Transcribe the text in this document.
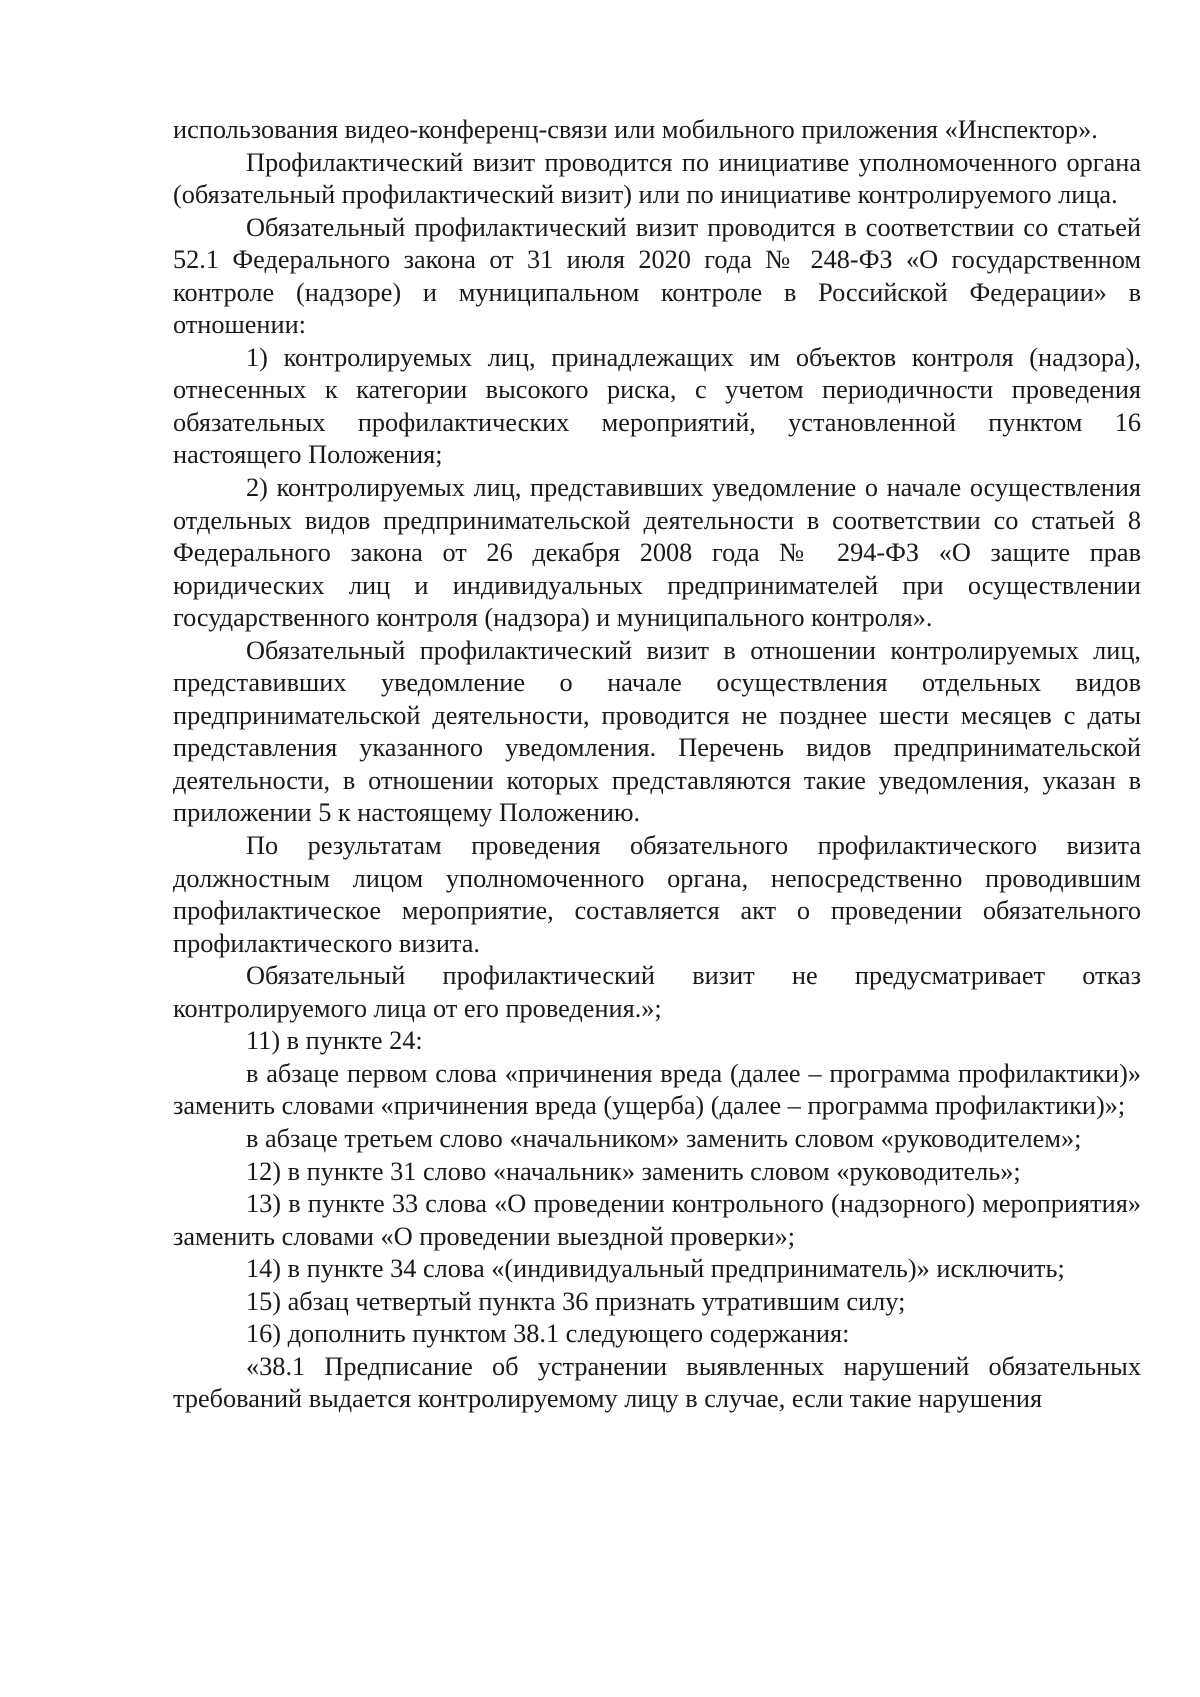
использования видео-конференц-связи или мобильного приложения «Инспектор».

Профилактический визит проводится по инициативе уполномоченного органа (обязательный профилактический визит) или по инициативе контролируемого лица.

Обязательный профилактический визит проводится в соответствии со статьей 52.1 Федерального закона от 31 июля 2020 года № 248-ФЗ «О государственном контроле (надзоре) и муниципальном контроле в Российской Федерации» в отношении:

1) контролируемых лиц, принадлежащих им объектов контроля (надзора), отнесенных к категории высокого риска, с учетом периодичности проведения обязательных профилактических мероприятий, установленной пунктом 16 настоящего Положения;

2) контролируемых лиц, представивших уведомление о начале осуществления отдельных видов предпринимательской деятельности в соответствии со статьей 8 Федерального закона от 26 декабря 2008 года № 294-ФЗ «О защите прав юридических лиц и индивидуальных предпринимателей при осуществлении государственного контроля (надзора) и муниципального контроля».

Обязательный профилактический визит в отношении контролируемых лиц, представивших уведомление о начале осуществления отдельных видов предпринимательской деятельности, проводится не позднее шести месяцев с даты представления указанного уведомления. Перечень видов предпринимательской деятельности, в отношении которых представляются такие уведомления, указан в приложении 5 к настоящему Положению.

По результатам проведения обязательного профилактического визита должностным лицом уполномоченного органа, непосредственно проводившим профилактическое мероприятие, составляется акт о проведении обязательного профилактического визита.

Обязательный профилактический визит не предусматривает отказ контролируемого лица от его проведения.»;

11) в пункте 24:

в абзаце первом слова «причинения вреда (далее – программа профилактики)» заменить словами «причинения вреда (ущерба) (далее – программа профилактики)»;

в абзаце третьем слово «начальником» заменить словом «руководителем»;

12) в пункте 31 слово «начальник» заменить словом «руководитель»;

13) в пункте 33 слова «О проведении контрольного (надзорного) мероприятия» заменить словами «О проведении выездной проверки»;

14) в пункте 34 слова «(индивидуальный предприниматель)» исключить;

15) абзац четвертый пункта 36 признать утратившим силу;

16) дополнить пунктом 38.1 следующего содержания:

«38.1 Предписание об устранении выявленных нарушений обязательных требований выдается контролируемому лицу в случае, если такие нарушения
